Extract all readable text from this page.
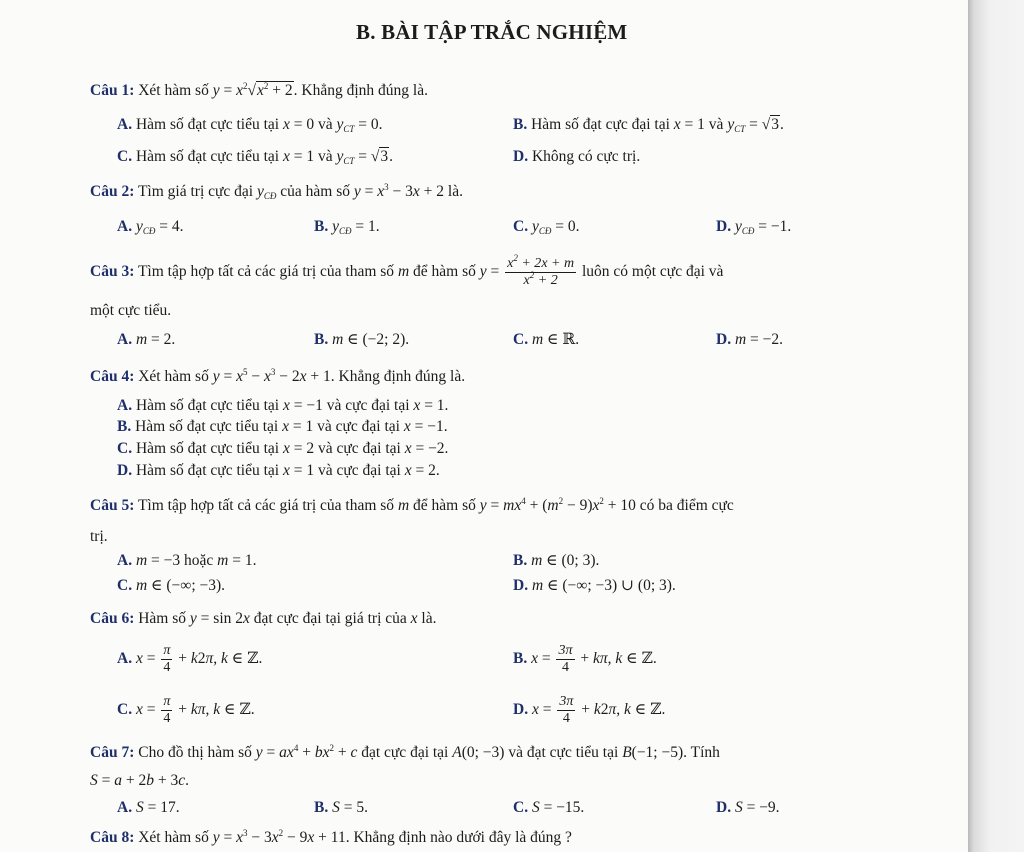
B. BÀI TẬP TRẮC NGHIỆM
Câu 1: Xét hàm số $y = x^2√x^2 + 2$. Khẳng định đúng là.
A. Hàm số đạt cực tiểu tại x = 0 và $y_{CT} = 0$.	B. Hàm số đạt cực đại tại x = 1 và $y_{CT} = √3$.
C. Hàm số đạt cực tiểu tại x = 1 và $y_{CT} = √3$.	D. Không có cực trị.
Câu 2: Tìm giá trị cực đại $y_{CĐ}$ của hàm số $y = x^3 - 3x + 2$ là.
A. $y_{CĐ} = 4$.	B. $y_{CĐ} = 1$.	C. $y_{CĐ} = 0$.	D. $y_{CĐ} = -1$.
Câu 3: Tìm tập hợp tất cả các giá trị của tham số m để hàm số $y = \frac{x^2 + 2x + m}{x^2 + 2}$ luôn có một cực đại và
một cực tiểu.
A. m = 2.	B. m ∈ (−2; 2).	C. m ∈ ℝ.	D. m = −2.
Câu 4: Xét hàm số $y = x^5 - x^3 - 2x + 1$. Khẳng định đúng là.
A. Hàm số đạt cực tiểu tại x = −1 và cực đại tại x = 1.
B. Hàm số đạt cực tiểu tại x = 1 và cực đại tại x = −1.
C. Hàm số đạt cực tiểu tại x = 2 và cực đại tại x = −2.
D. Hàm số đạt cực tiểu tại x = 1 và cực đại tại x = 2.
Câu 5: Tìm tập hợp tất cả các giá trị của tham số m để hàm số $y = mx^4 + (m^2 - 9)x^2 + 10$ có ba điểm cực
trị.
A. m = −3 hoặc m = 1.	B. m ∈ (0; 3).
C. m ∈ (−∞; −3).	D. m ∈ (−∞; −3) ∪ (0; 3).
Câu 6: Hàm số y = sin 2x đạt cực đại tại giá trị của x là.
A. $x = \frac{\pi}{4} + k2\pi$, k ∈ ℤ.	B. $x = \frac{3\pi}{4} + k\pi$, k ∈ ℤ.
C. $x = \frac{\pi}{4} + k\pi$, k ∈ ℤ.	D. $x = \frac{3\pi}{4} + k2\pi$, k ∈ ℤ.
Câu 7: Cho đồ thị hàm số $y = ax^4 + bx^2 + c$ đạt cực đại tại A(0; −3) và đạt cực tiểu tại B(−1; −5). Tính
S = a + 2b + 3c.
A. S = 17.	B. S = 5.	C. S = −15.	D. S = −9.
Câu 8: Xét hàm số $y = x^3 - 3x^2 - 9x + 11$. Khẳng định nào dưới đây là đúng ?
